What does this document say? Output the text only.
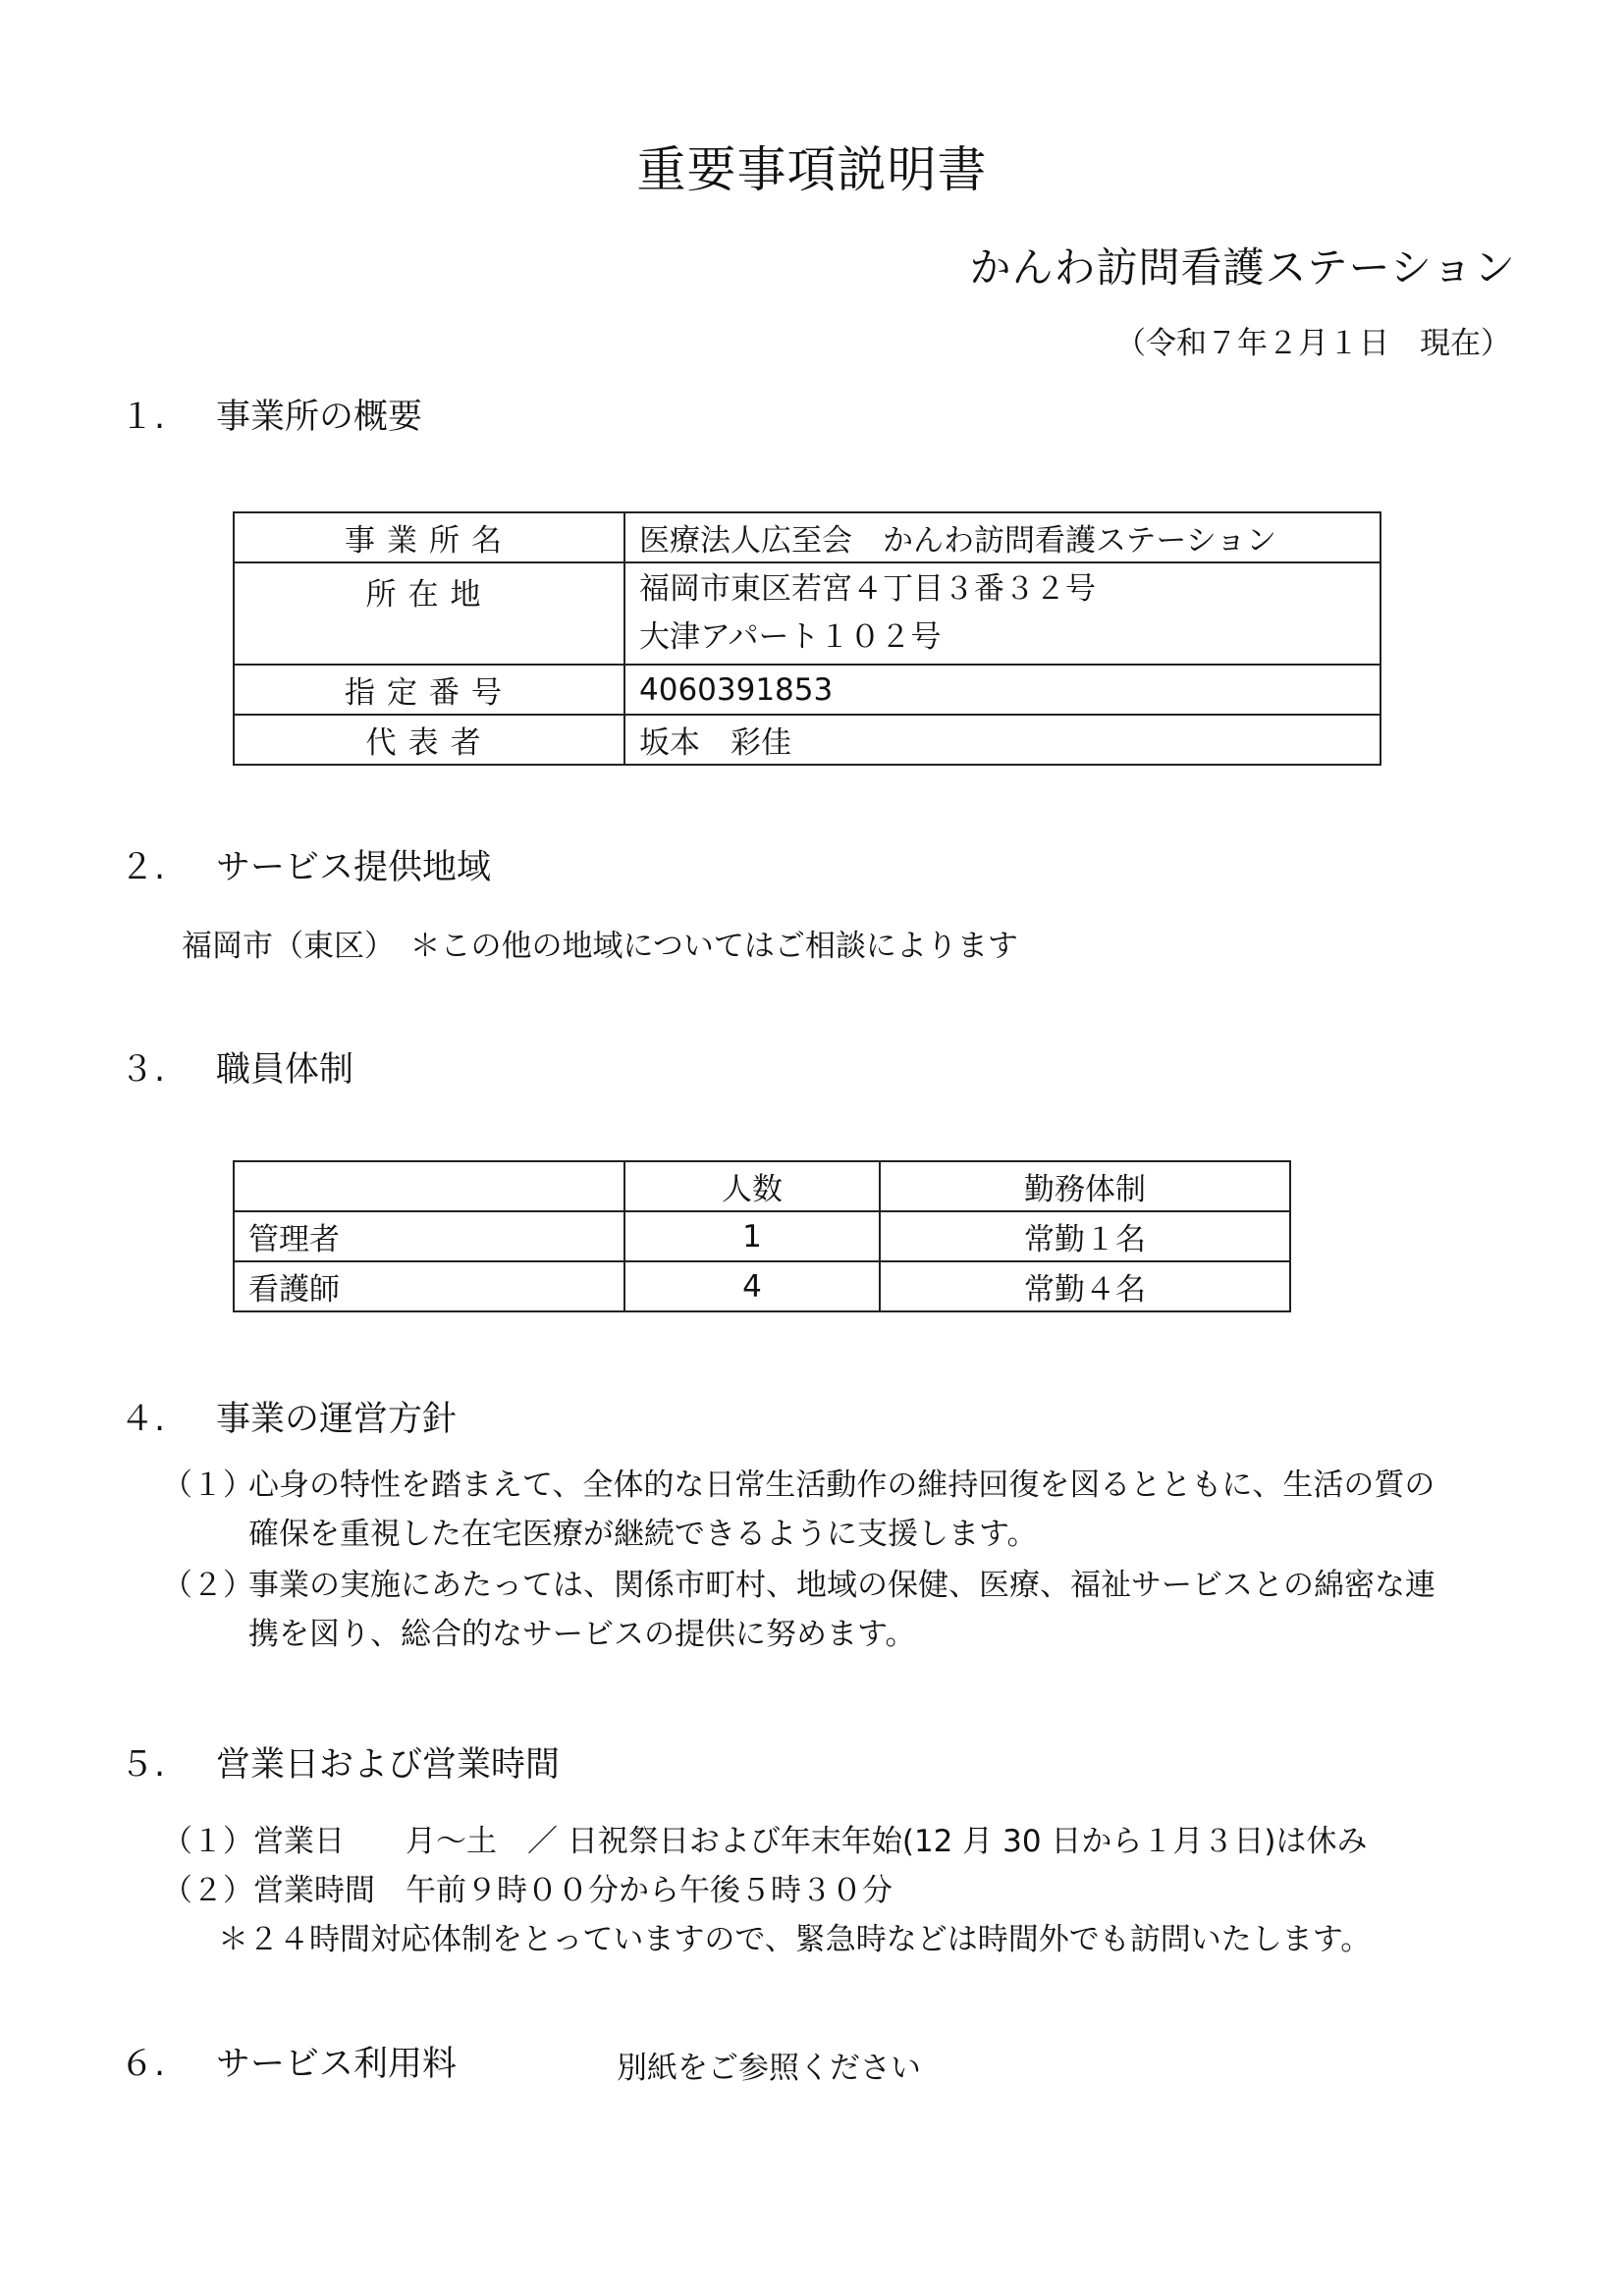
重要事項説明書
かんわ訪問看護ステーション
（令和７年２月１日　現在）
１. 事業所の概要
事業所名	医療法人広至会　かんわ訪問看護ステーション
所在地	福岡市東区若宮４丁目３番３２号
大津アパート１０２号

指定番号	4060391853
代表者	坂本　彩佳
２. サービス提供地域
福岡市（東区）　＊この他の地域についてはご相談によります
３. 職員体制
	人数	勤務体制
管理者	1	常勤１名
看護師	4	常勤４名
４. 事業の運営方針
（１）心身の特性を踏まえて、全体的な日常生活動作の維持回復を図るとともに、生活の質の
確保を重視した在宅医療が継続できるように支援します。
（２）事業の実施にあたっては、関係市町村、地域の保健、医療、福祉サービスとの綿密な連
携を図り、総合的なサービスの提供に努めます。
５. 営業日および営業時間
（１）営業日　　月～土　／ 日祝祭日および年末年始(12 月 30 日から１月３日)は休み
（２）営業時間　午前９時００分から午後５時３０分
＊２４時間対応体制をとっていますので、緊急時などは時間外でも訪問いたします。
６. サービス利用料	別紙をご参照ください
